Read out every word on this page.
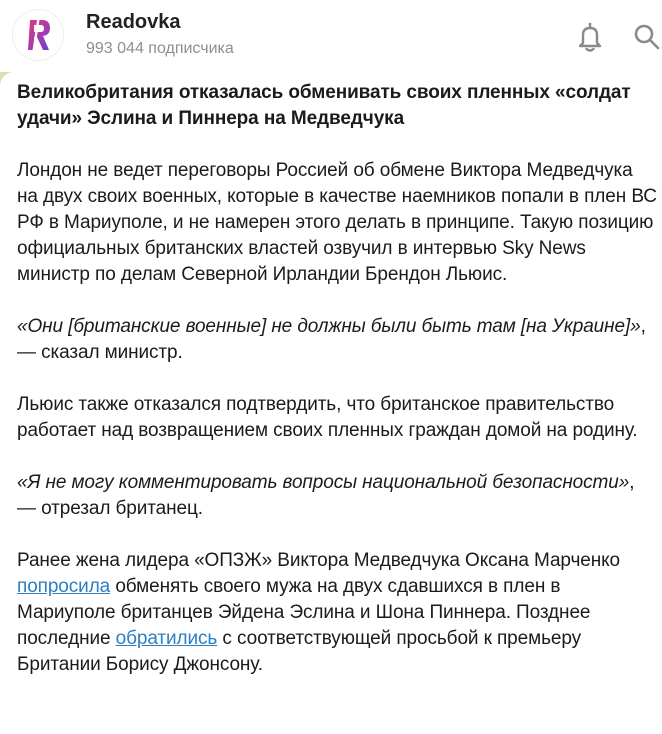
Readovka
993 044 подписчика

Великобритания отказалась обменивать своих пленных «солдат удачи» Эслина и Пиннера на Медведчука

Лондон не ведет переговоры Россией об обмене Виктора Медведчука на двух своих военных, которые в качестве наемников попали в плен ВС РФ в Мариуполе, и не намерен этого делать в принципе. Такую позицию официальных британских властей озвучил в интервью Sky News министр по делам Северной Ирландии Брендон Льюис.

«Они [британские военные] не должны были быть там [на Украине]», — сказал министр.

Льюис также отказался подтвердить, что британское правительство работает над возвращением своих пленных граждан домой на родину.

«Я не могу комментировать вопросы национальной безопасности», — отрезал британец.

Ранее жена лидера «ОПЗЖ» Виктора Медведчука Оксана Марченко попросила обменять своего мужа на двух сдавшихся в плен в Мариуполе британцев Эйдена Эслина и Шона Пиннера. Позднее последние обратились с соответствующей просьбой к премьеру Британии Борису Джонсону.
